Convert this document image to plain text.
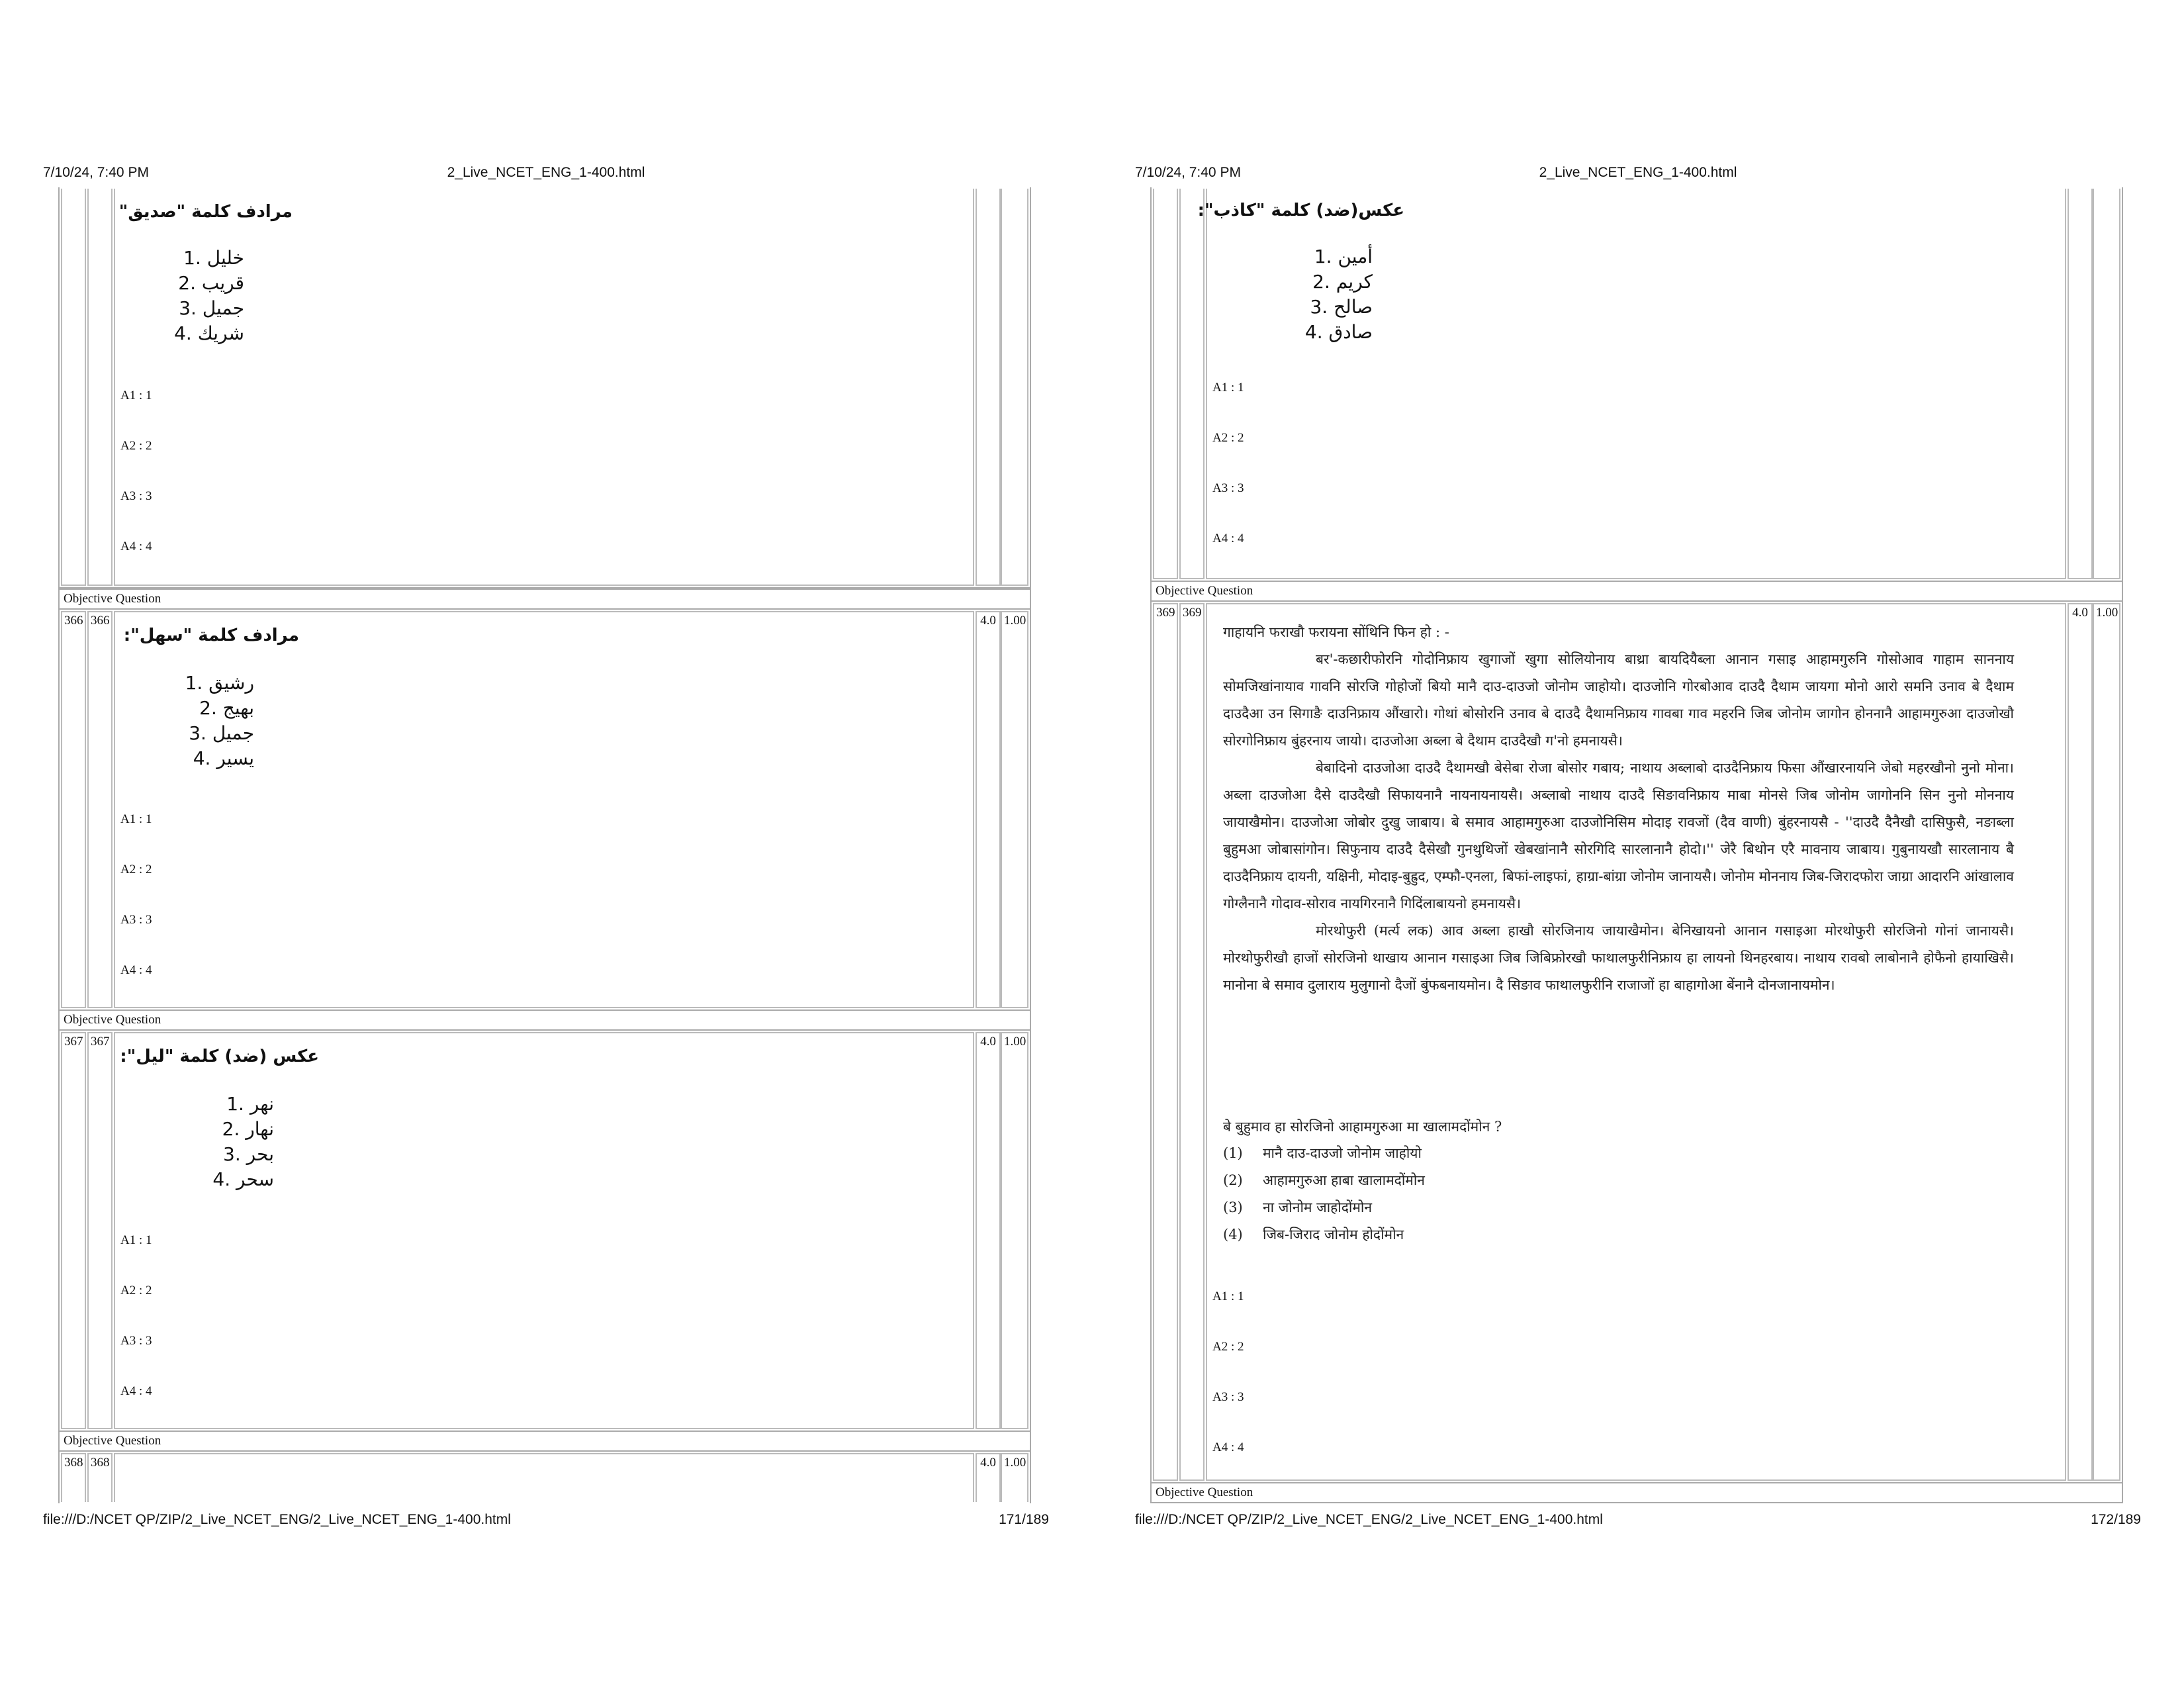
7/10/24, 7:40 PM	2_Live_NCET_ENG_1-400.html
مرادف كلمة "صديق"
خليل .1
قريب .2
جميل .3
شريك .4
A1 : 1
A2 : 2
A3 : 3
A4 : 4
Objective Question
366 366
مرادف كلمة "سهل":
رشيق .1
بهيج .2
جميل .3
يسير .4
A1 : 1
A2 : 2
A3 : 3
A4 : 4
4.0 1.00
Objective Question
367 367
عكس (ضد) كلمة "ليل":
نهر .1
نهار .2
بحر .3
سحر .4
A1 : 1
A2 : 2
A3 : 3
A4 : 4
4.0 1.00
Objective Question
368 368	4.0 1.00
file:///D:/NCET QP/ZIP/2_Live_NCET_ENG/2_Live_NCET_ENG_1-400.html	171/189
7/10/24, 7:40 PM	2_Live_NCET_ENG_1-400.html
عكس(ضد) كلمة "كاذب":
أمين .1
كريم .2
صالح .3
صادق .4
A1 : 1
A2 : 2
A3 : 3
A4 : 4
Objective Question
369 369

गाहायनि फराखौ फरायना सोंथिनि फिन हो : -

बर'-कछारीफोरनि गोदोनिफ्राय खुगाजों खुगा सोलियोनाय बाथ्रा बायदियैब्ला आनान गसाइ आहामगुरुनि गोसोआव गाहाम साननाय सोमजिखांनायाव गावनि सोरजि गोहोजों बियो मानै दाउ-दाउजो जोनोम जाहोयो। दाउजोनि गोरबोआव दाउदै दैथाम जायगा मोनो आरो समनि उनाव बे दैथाम दाउदैआ उन सिगाङै दाउनिफ्राय औंखारो। गोथां बोसोरनि उनाव बे दाउदै दैथामनिफ्राय गावबा गाव महरनि जिब जोनोम जागोन होननानै आहामगुरुआ दाउजोखौ सोरगोनिफ्राय बुंहरनाय जायो। दाउजोआ अब्ला बे दैथाम दाउदैखौ ग'नो हमनायसै।

बेबादिनो दाउजोआ दाउदै दैथामखौ बेसेबा रोजा बोसोर गबाय; नाथाय अब्लाबो दाउदैनिफ्राय फिसा औंखारनायनि जेबो महरखौनो नुनो मोना। अब्ला दाउजोआ दैसे दाउदैखौ सिफायनानै नायनायनायसै। अब्लाबो नाथाय दाउदै सिङावनिफ्राय माबा मोनसे जिब जोनोम जागोननि सिन नुनो मोननाय जायाखैमोन। दाउजोआ जोबोर दुखु जाबाय। बे समाव आहामगुरुआ दाउजोनिसिम मोदाइ रावजों (दैव वाणी) बुंहरनायसै - ''दाउदै दैनैखौ दासिफुसै, नङाब्ला बुहुमआ जोबासांगोन। सिफुनाय दाउदै दैसेखौ गुनथुथिजों खेबखांनानै सोरगिदि सारलानानै होदो।'' जेरै बिथोन एरै मावनाय जाबाय। गुबुनायखौ सारलानाय बै दाउदैनिफ्राय दायनी, यक्षिनी, मोदाइ-बुह्रुद, एम्फौ-एनला, बिफां-लाइफां, हाग्रा-बांग्रा जोनोम जानायसै। जोनोम मोननाय जिब-जिरादफोरा जाग्रा आदारनि आंखालाव गोग्लैनानै गोदाव-सोराव नायगिरनानै गिदिंलाबायनो हमनायसै।

मोरथोफुरी (मर्त्य लक) आव अब्ला हाखौ सोरजिनाय जायाखैमोन। बेनिखायनो आनान गसाइआ मोरथोफुरी सोरजिनो गोनां जानायसै। मोरथोफुरीखौ हाजों सोरजिनो थाखाय आनान गसाइआ जिब जिबिफ्रोरखौ फाथालफुरीनिफ्राय हा लायनो थिनहरबाय। नाथाय रावबो लाबोनानै होफैनो हायाखिसै। मानोना बे समाव दुलाराय मुलुगानो दैजों बुंफबनायमोन। दै सिङाव फाथालफुरीनि राजाजों हा बाहागोआ बेंनानै दोनजानायमोन।

बे बुहुमाव हा सोरजिनो आहामगुरुआ मा खालामदोंमोन ?

(1) मानै दाउ-दाउजो जोनोम जाहोयो

(2) आहामगुरुआ हाबा खालामदोंमोन

(3) ना जोनोम जाहोदोंमोन

(4) जिब-जिराद जोनोम होदोंमोन

A1 : 1
A2 : 2
A3 : 3
A4 : 4
4.0 1.00
Objective Question
file:///D:/NCET QP/ZIP/2_Live_NCET_ENG/2_Live_NCET_ENG_1-400.html	172/189
